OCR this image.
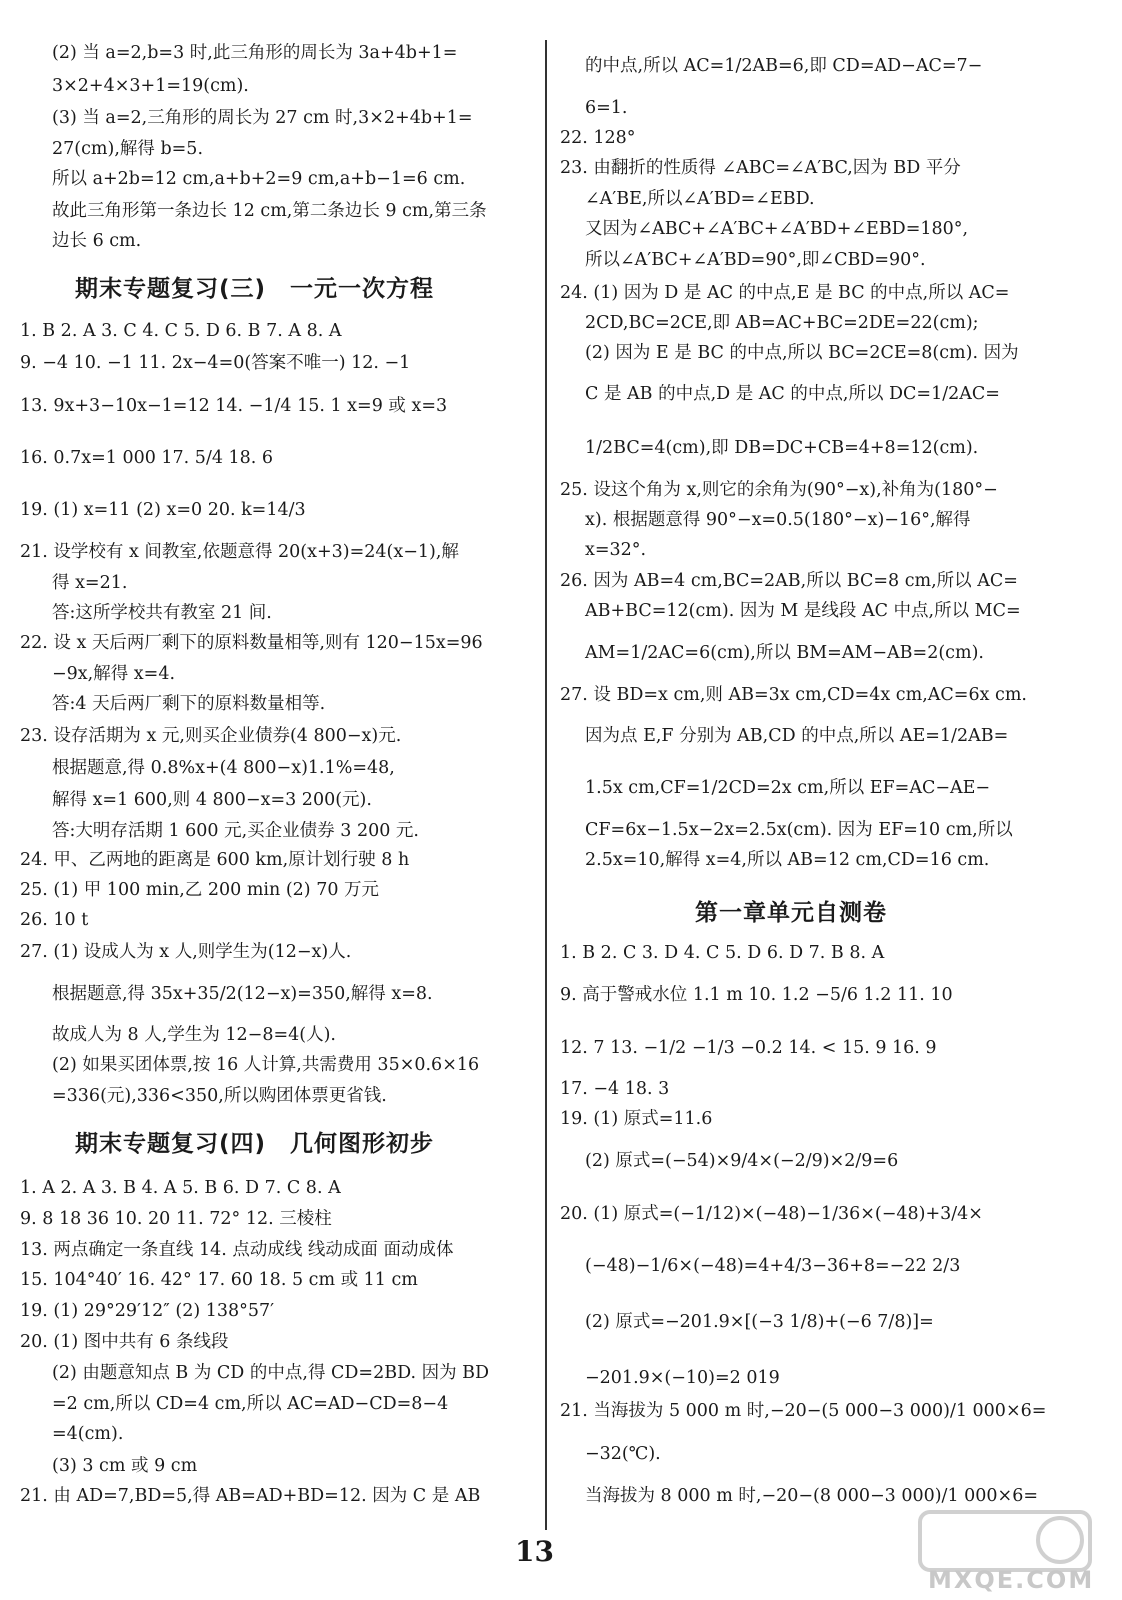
(2) 当 a=2,b=3 时,此三角形的周长为 3a+4b+1=
3×2+4×3+1=19(cm).
(3) 当 a=2,三角形的周长为 27 cm 时,3×2+4b+1=
27(cm),解得 b=5.
所以 a+2b=12 cm,a+b+2=9 cm,a+b−1=6 cm.
故此三角形第一条边长 12 cm,第二条边长 9 cm,第三条
边长 6 cm.
期末专题复习(三)　一元一次方程
1. B 2. A 3. C 4. C 5. D 6. B 7. A 8. A
9. −4 10. −1 11. 2x−4=0(答案不唯一) 12. −1
13. 9x+3−10x−1=12 14. −1/4 15. 1 x=9 或 x=3
16. 0.7x=1 000 17. 5/4 18. 6
19. (1) x=11 (2) x=0 20. k=14/3
21. 设学校有 x 间教室,依题意得 20(x+3)=24(x−1),解
得 x=21.
答:这所学校共有教室 21 间.
22. 设 x 天后两厂剩下的原料数量相等,则有 120−15x=96
−9x,解得 x=4.
答:4 天后两厂剩下的原料数量相等.
23. 设存活期为 x 元,则买企业债券(4 800−x)元.
根据题意,得 0.8%x+(4 800−x)1.1%=48,
解得 x=1 600,则 4 800−x=3 200(元).
答:大明存活期 1 600 元,买企业债券 3 200 元.
24. 甲、乙两地的距离是 600 km,原计划行驶 8 h
25. (1) 甲 100 min,乙 200 min (2) 70 万元
26. 10 t
27. (1) 设成人为 x 人,则学生为(12−x)人.
根据题意,得 35x+35/2(12−x)=350,解得 x=8.
故成人为 8 人,学生为 12−8=4(人).
(2) 如果买团体票,按 16 人计算,共需费用 35×0.6×16
=336(元),336<350,所以购团体票更省钱.
期末专题复习(四)　几何图形初步
1. A 2. A 3. B 4. A 5. B 6. D 7. C 8. A
9. 8 18 36 10. 20 11. 72° 12. 三棱柱
13. 两点确定一条直线 14. 点动成线 线动成面 面动成体
15. 104°40′ 16. 42° 17. 60 18. 5 cm 或 11 cm
19. (1) 29°29′12″ (2) 138°57′
20. (1) 图中共有 6 条线段
(2) 由题意知点 B 为 CD 的中点,得 CD=2BD. 因为 BD
=2 cm,所以 CD=4 cm,所以 AC=AD−CD=8−4
=4(cm).
(3) 3 cm 或 9 cm
21. 由 AD=7,BD=5,得 AB=AD+BD=12. 因为 C 是 AB
的中点,所以 AC=1/2AB=6,即 CD=AD−AC=7−
6=1.
22. 128°
23. 由翻折的性质得 ∠ABC=∠A′BC,因为 BD 平分
∠A′BE,所以∠A′BD=∠EBD.
又因为∠ABC+∠A′BC+∠A′BD+∠EBD=180°,
所以∠A′BC+∠A′BD=90°,即∠CBD=90°.
24. (1) 因为 D 是 AC 的中点,E 是 BC 的中点,所以 AC=
2CD,BC=2CE,即 AB=AC+BC=2DE=22(cm);
(2) 因为 E 是 BC 的中点,所以 BC=2CE=8(cm). 因为
C 是 AB 的中点,D 是 AC 的中点,所以 DC=1/2AC=
1/2BC=4(cm),即 DB=DC+CB=4+8=12(cm).
25. 设这个角为 x,则它的余角为(90°−x),补角为(180°−
x). 根据题意得 90°−x=0.5(180°−x)−16°,解得
x=32°.
26. 因为 AB=4 cm,BC=2AB,所以 BC=8 cm,所以 AC=
AB+BC=12(cm). 因为 M 是线段 AC 中点,所以 MC=
AM=1/2AC=6(cm),所以 BM=AM−AB=2(cm).
27. 设 BD=x cm,则 AB=3x cm,CD=4x cm,AC=6x cm.
因为点 E,F 分别为 AB,CD 的中点,所以 AE=1/2AB=
1.5x cm,CF=1/2CD=2x cm,所以 EF=AC−AE−
CF=6x−1.5x−2x=2.5x(cm). 因为 EF=10 cm,所以
2.5x=10,解得 x=4,所以 AB=12 cm,CD=16 cm.
第一章单元自测卷
1. B 2. C 3. D 4. C 5. D 6. D 7. B 8. A
9. 高于警戒水位 1.1 m 10. 1.2 −5/6 1.2 11. 10
12. 7 13. −1/2 −1/3 −0.2 14. < 15. 9 16. 9
17. −4 18. 3
19. (1) 原式=11.6
(2) 原式=(−54)×9/4×(−2/9)×2/9=6
20. (1) 原式=(−1/12)×(−48)−1/36×(−48)+3/4×
(−48)−1/6×(−48)=4+4/3−36+8=−22 2/3
(2) 原式=−201.9×[(−3 1/8)+(−6 7/8)]=
−201.9×(−10)=2 019
21. 当海拔为 5 000 m 时,−20−(5 000−3 000)/1 000×6=
−32(℃).
当海拔为 8 000 m 时,−20−(8 000−3 000)/1 000×6=
13
MXQE.COM
